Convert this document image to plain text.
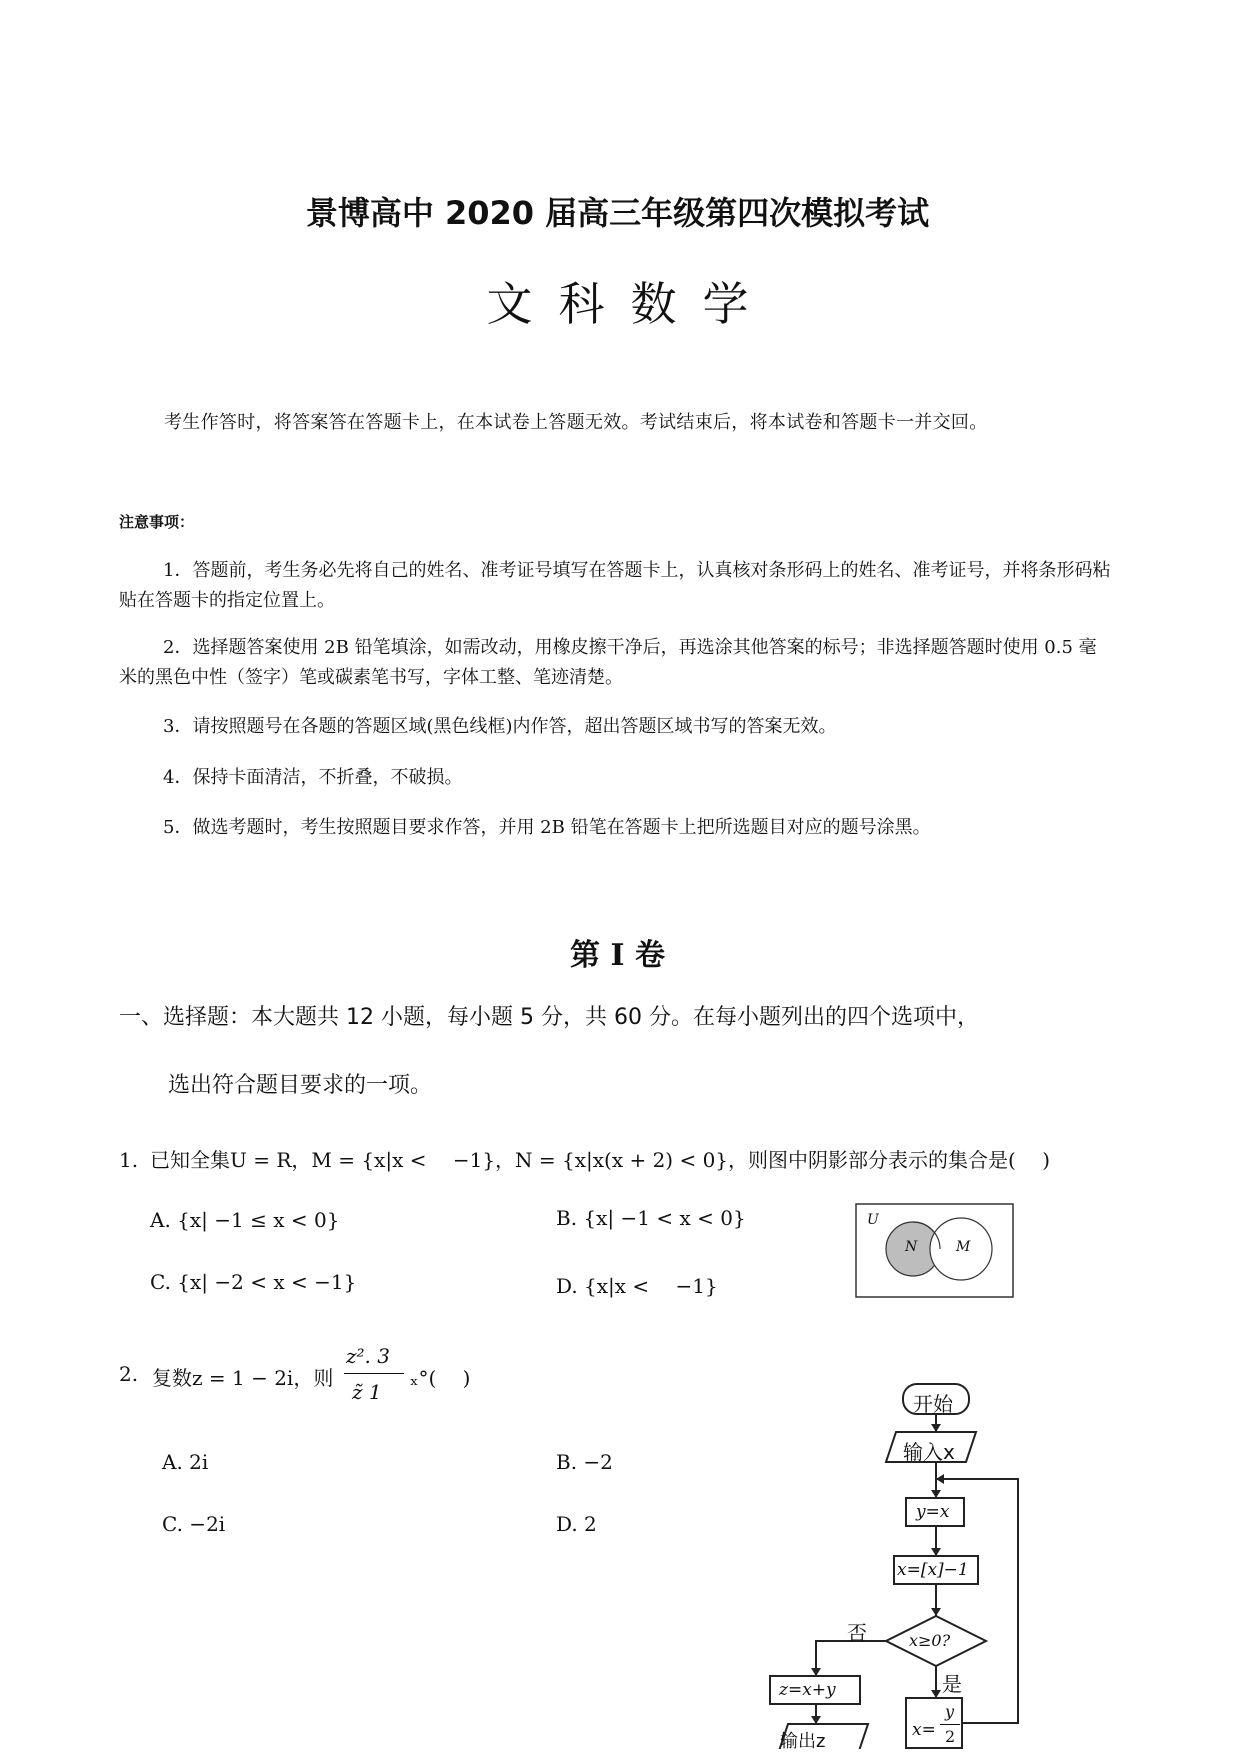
景博高中 2020 届高三年级第四次模拟考试
文科数学
考生作答时，将答案答在答题卡上，在本试卷上答题无效。考试结束后，将本试卷和答题卡一并交回。
注意事项：
1．答题前，考生务必先将自己的姓名、准考证号填写在答题卡上，认真核对条形码上的姓名、准考证号，并将条形码粘贴在答题卡的指定位置上。
2．选择题答案使用 2B 铅笔填涂，如需改动，用橡皮擦干净后，再选涂其他答案的标号；非选择题答题时使用 0.5 毫米的黑色中性（签字）笔或碳素笔书写，字体工整、笔迹清楚。
3．请按照题号在各题的答题区域(黑色线框)内作答，超出答题区域书写的答案无效。
4．保持卡面清洁，不折叠，不破损。
5．做选考题时，考生按照题目要求作答，并用 2B 铅笔在答题卡上把所选题目对应的题号涂黑。
第 I 卷
一、选择题：本大题共 12 小题，每小题 5 分，共 60 分。在每小题列出的四个选项中，
选出符合题目要求的一项。
1. 已知全集U = R，M = {x|x <　 −1}，N = {x|x(x + 2) < 0}，则图中阴影部分表示的集合是(　 )
A. {x| −1 ≤ x < 0}	B. {x| −1 < x < 0}
C. {x| −2 < x < −1}	D. {x|x <　 −1}
U
N	M
2. 复数z = 1 − 2i，则
z². 3
z̃ 1
ₓ°(　 )
A. 2i	B. −2
C. −2i	D. 2
开始
输入x
y=x
x=[x]−1
x≥0?
否
是
z=x+y
x=
y
2
输出z
